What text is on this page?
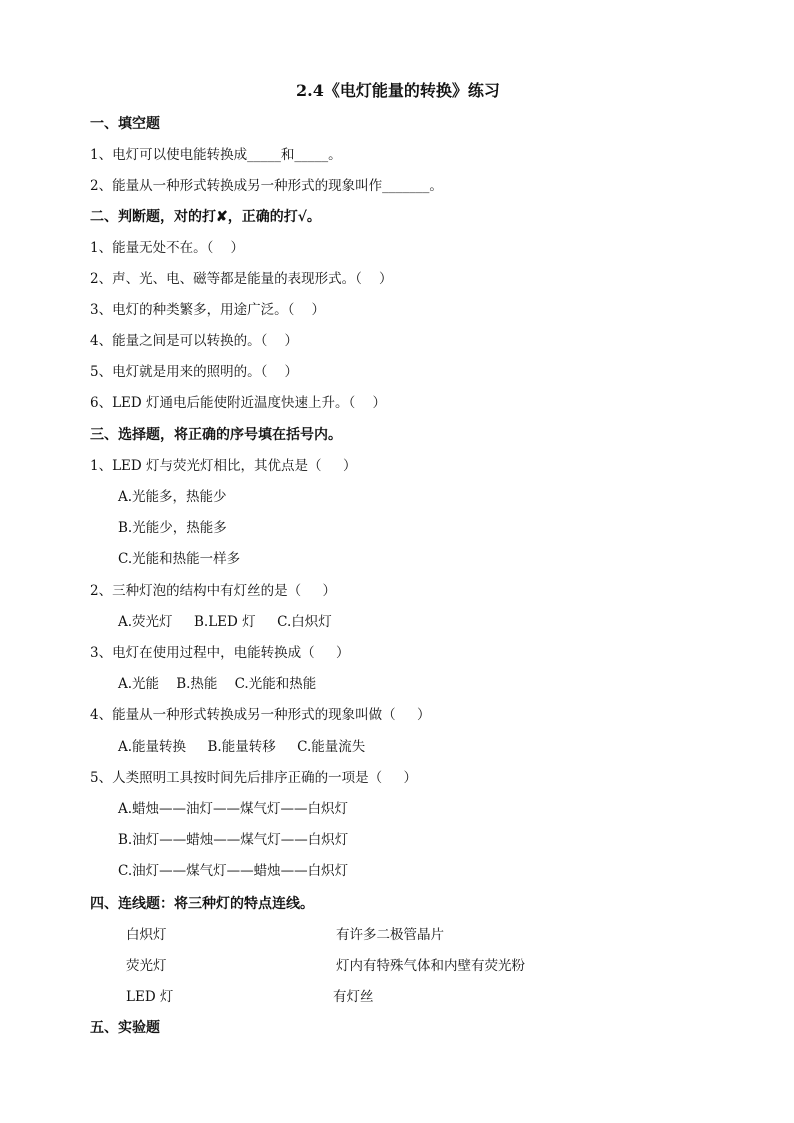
2.4《电灯能量的转换》练习
一、填空题
1、电灯可以使电能转换成_____和_____。
2、能量从一种形式转换成另一种形式的现象叫作_______。
二、判断题，对的打✘，正确的打√。
1、能量无处不在。（    ）
2、声、光、电、磁等都是能量的表现形式。（    ）
3、电灯的种类繁多，用途广泛。（    ）
4、能量之间是可以转换的。（    ）
5、电灯就是用来的照明的。（    ）
6、LED 灯通电后能使附近温度快速上升。（    ）
三、选择题，将正确的序号填在括号内。
1、LED 灯与荧光灯相比，其优点是（     ）
A.光能多，热能少
B.光能少，热能多
C.光能和热能一样多
2、三种灯泡的结构中有灯丝的是（     ）
A.荧光灯     B.LED 灯     C.白炽灯
3、电灯在使用过程中，电能转换成（     ）
A.光能    B.热能    C.光能和热能
4、能量从一种形式转换成另一种形式的现象叫做（     ）
A.能量转换     B.能量转移     C.能量流失
5、人类照明工具按时间先后排序正确的一项是（     ）
A.蜡烛——油灯——煤气灯——白炽灯
B.油灯——蜡烛——煤气灯——白炽灯
C.油灯——煤气灯——蜡烛——白炽灯
四、连线题：将三种灯的特点连线。
白炽灯	有许多二极管晶片
荧光灯	灯内有特殊气体和内壁有荧光粉
LED 灯	有灯丝
五、实验题
